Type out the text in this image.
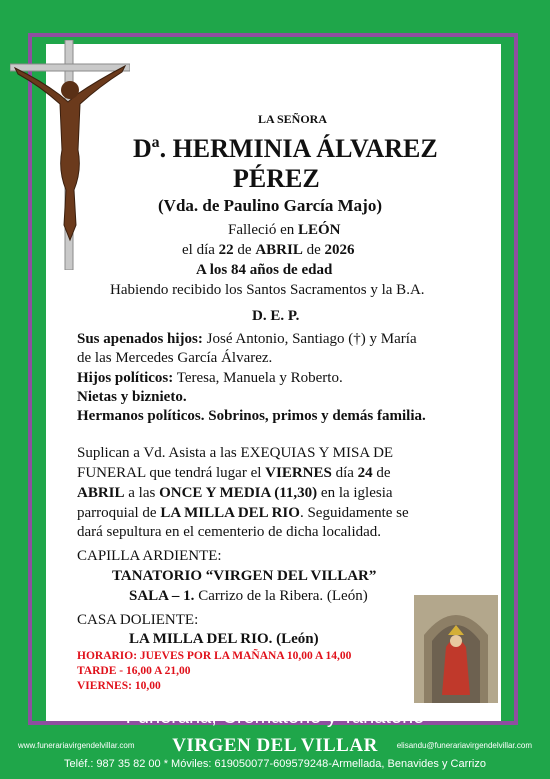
LA SEÑORA
Dª. HERMINIA ÁLVAREZ
PÉREZ
(Vda. de Paulino García Majo)
Falleció en LEÓN
el día 22 de ABRIL de 2026
A los 84 años de edad
Habiendo recibido los Santos Sacramentos y la B.A.
D. E. P.
Sus apenados hijos: José Antonio, Santiago (†) y María
de las Mercedes García Álvarez.
Hijos políticos: Teresa, Manuela y Roberto.
Nietas y biznieto.
Hermanos políticos. Sobrinos, primos y demás familia.
Suplican a Vd. Asista a las EXEQUIAS Y MISA DE
FUNERAL que tendrá lugar el VIERNES día 24 de
ABRIL a las ONCE Y MEDIA (11,30) en la iglesia
parroquial de LA MILLA DEL RIO. Seguidamente se
dará sepultura en el cementerio de dicha localidad.
CAPILLA ARDIENTE:
TANATORIO “VIRGEN DEL VILLAR”
SALA – 1. Carrizo de la Ribera. (León)
CASA DOLIENTE:
LA MILLA DEL RIO. (León)
HORARIO: JUEVES POR LA MAÑANA 10,00 A 14,00
TARDE - 16,00 A 21,00
VIERNES: 10,00
Funeraria, Crematorio y Tanatorio
www.funerariavirgendelvillar.com	VIRGEN DEL VILLAR	elisandu@funerariavirgendelvillar.com
Teléf.: 987 35 82 00 * Móviles: 619050077-609579248-Armellada, Benavides y Carrizo
